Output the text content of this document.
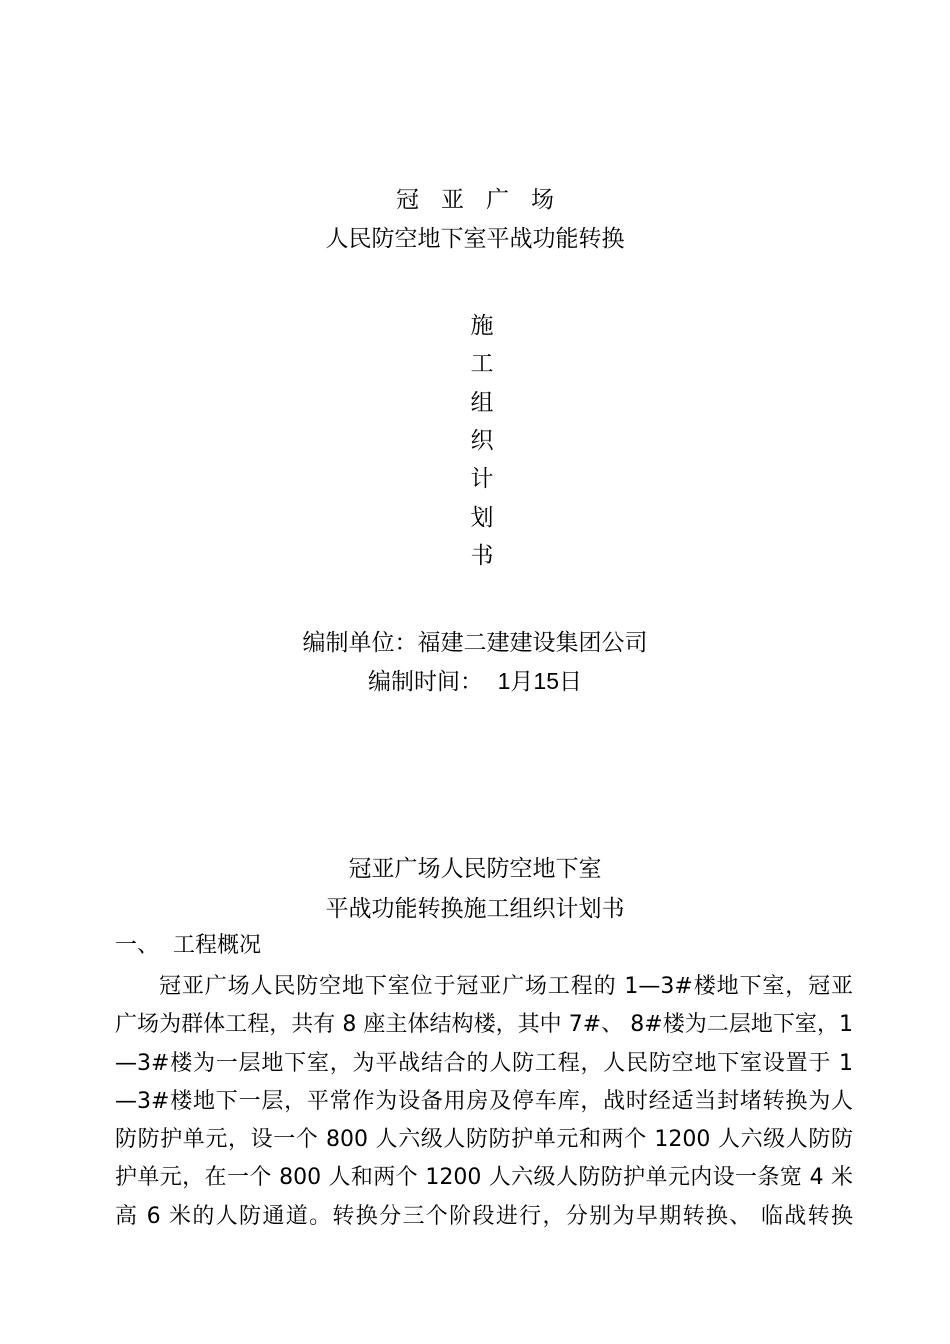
冠 亚 广 场
人民防空地下室平战功能转换
施
工
组
织
计
划
书
编制单位：福建二建建设集团公司
编制时间： 1月15日
冠亚广场人民防空地下室
平战功能转换施工组织计划书
一、 工程概况
冠亚广场人民防空地下室位于冠亚广场工程的 1—3#楼地下室，冠亚
广场为群体工程，共有 8 座主体结构楼，其中 7#、 8#楼为二层地下室，1
—3#楼为一层地下室，为平战结合的人防工程，人民防空地下室设置于 1
—3#楼地下一层，平常作为设备用房及停车库，战时经适当封堵转换为人
防防护单元，设一个 800 人六级人防防护单元和两个 1200 人六级人防防
护单元，在一个 800 人和两个 1200 人六级人防防护单元内设一条宽 4 米
高 6 米的人防通道。转换分三个阶段进行，分别为早期转换、 临战转换
